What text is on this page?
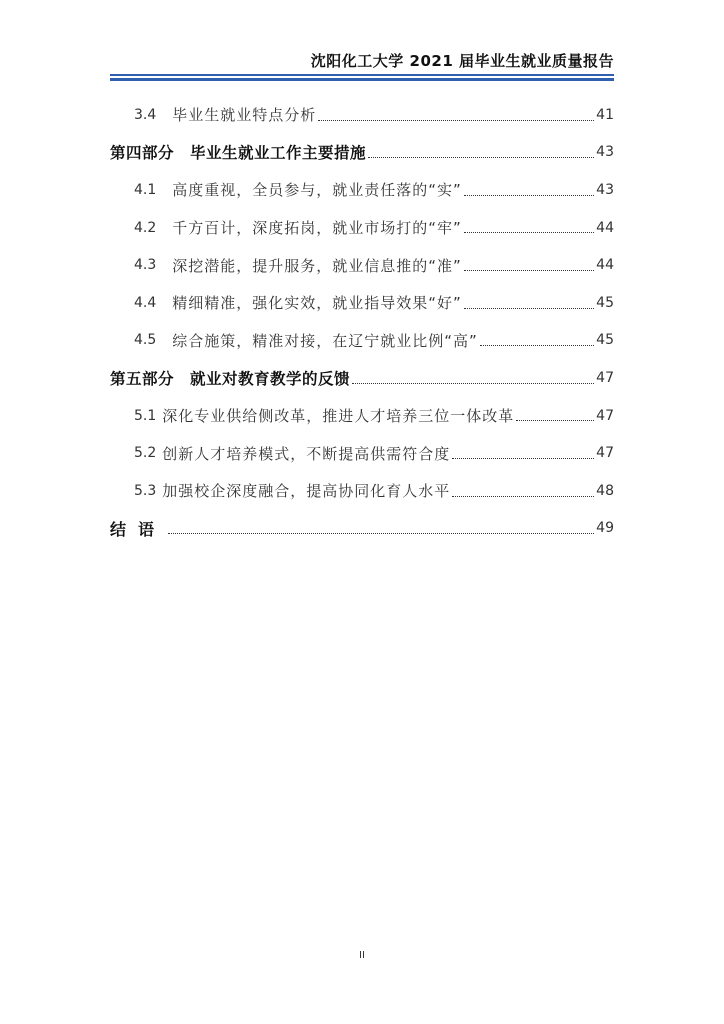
沈阳化工大学 2021 届毕业生就业质量报告
3.4 毕业生就业特点分析	41
第四部分 毕业生就业工作主要措施	43
4.1 高度重视，全员参与，就业责任落的“实”	43
4.2 千方百计，深度拓岗，就业市场打的“牢”	44
4.3 深挖潜能，提升服务，就业信息推的“准”	44
4.4 精细精准，强化实效，就业指导效果“好”	45
4.5 综合施策，精准对接，在辽宁就业比例“高”	45
第五部分 就业对教育教学的反馈	47
5.1 深化专业供给侧改革，推进人才培养三位一体改革	47
5.2 创新人才培养模式，不断提高供需符合度	47
5.3 加强校企深度融合，提高协同化育人水平	48
结语	49
II
